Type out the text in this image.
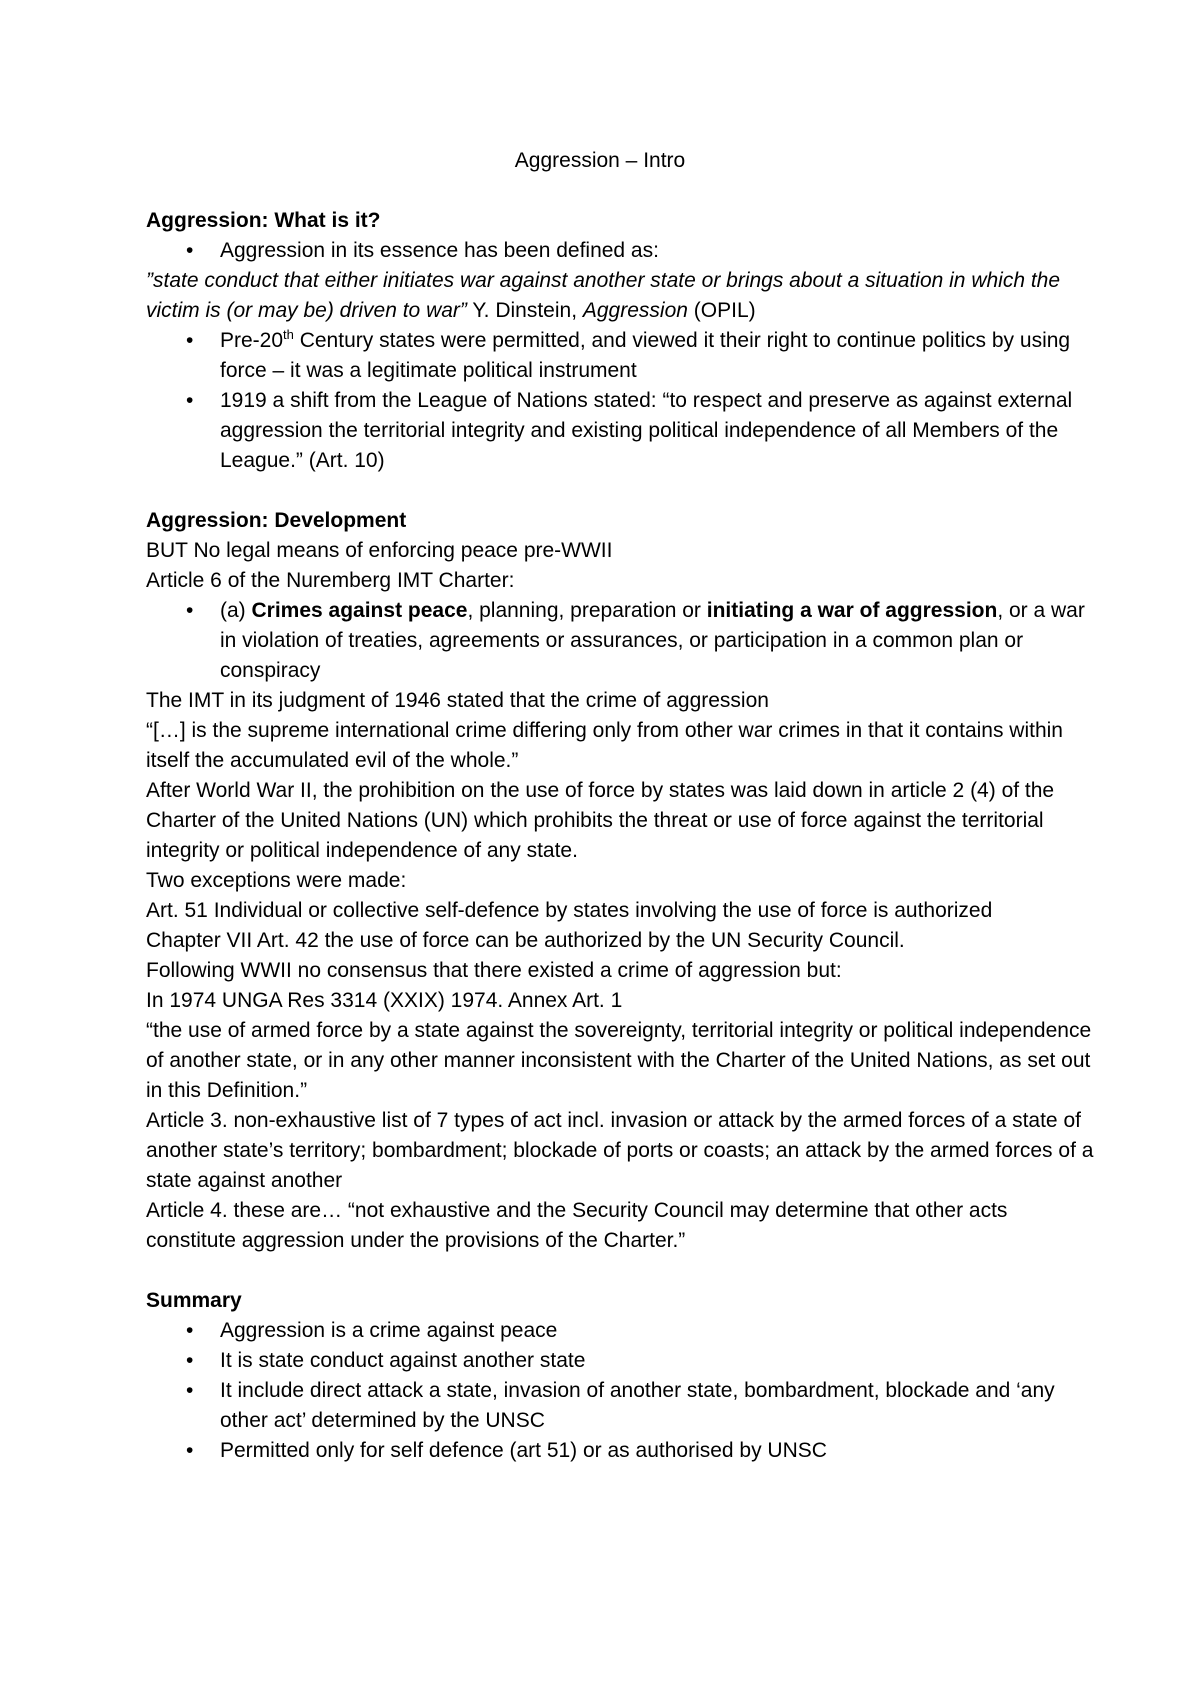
Aggression – Intro

Aggression: What is it?

• Aggression in its essence has been defined as:

”state conduct that either initiates war against another state or brings about a situation in which the victim is (or may be) driven to war” Y. Dinstein, Aggression (OPIL)

• Pre-20th Century states were permitted, and viewed it their right to continue politics by using force – it was a legitimate political instrument
• 1919 a shift from the League of Nations stated: “to respect and preserve as against external aggression the territorial integrity and existing political independence of all Members of the League.” (Art. 10)

Aggression: Development

BUT No legal means of enforcing peace pre-WWII

Article 6 of the Nuremberg IMT Charter:

• (a) Crimes against peace, planning, preparation or initiating a war of aggression, or a war in violation of treaties, agreements or assurances, or participation in a common plan or conspiracy

The IMT in its judgment of 1946 stated that the crime of aggression

“[…] is the supreme international crime differing only from other war crimes in that it contains within itself the accumulated evil of the whole.”

After World War II, the prohibition on the use of force by states was laid down in article 2 (4) of the Charter of the United Nations (UN) which prohibits the threat or use of force against the territorial integrity or political independence of any state.

Two exceptions were made:

Art. 51 Individual or collective self-defence by states involving the use of force is authorized

Chapter VII Art. 42 the use of force can be authorized by the UN Security Council.

Following WWII no consensus that there existed a crime of aggression but:

In 1974 UNGA Res 3314 (XXIX) 1974. Annex Art. 1

“the use of armed force by a state against the sovereignty, territorial integrity or political independence of another state, or in any other manner inconsistent with the Charter of the United Nations, as set out in this Definition.”

Article 3. non-exhaustive list of 7 types of act incl. invasion or attack by the armed forces of a state of another state’s territory; bombardment; blockade of ports or coasts; an attack by the armed forces of a state against another

Article 4. these are… “not exhaustive and the Security Council may determine that other acts constitute aggression under the provisions of the Charter.”

Summary

• Aggression is a crime against peace
• It is state conduct against another state
• It include direct attack a state, invasion of another state, bombardment, blockade and ‘any other act’ determined by the UNSC
• Permitted only for self defence (art 51) or as authorised by UNSC
